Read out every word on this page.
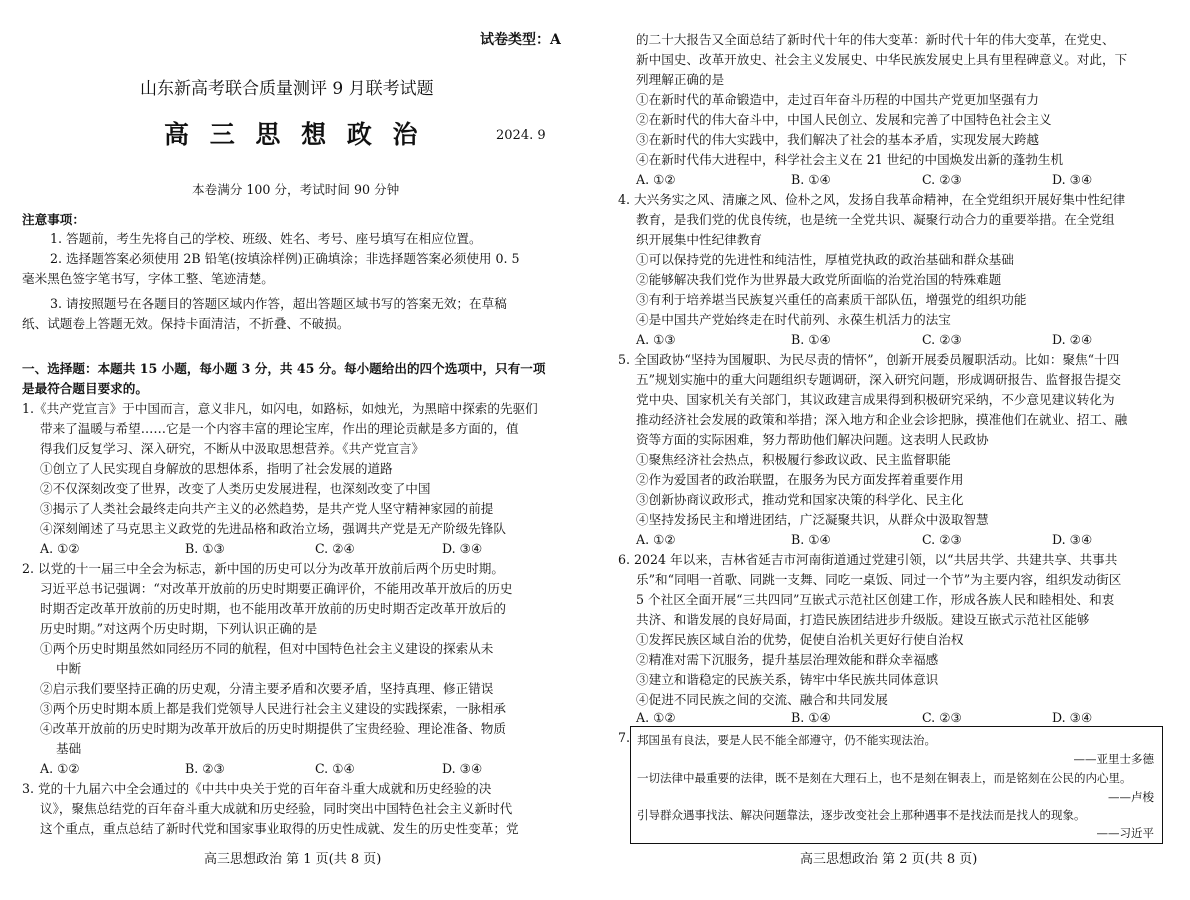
试卷类型：A
山东新高考联合质量测评 9 月联考试题
高 三 思 想 政 治	2024. 9
本卷满分 100 分，考试时间 90 分钟
注意事项：
1. 答题前，考生先将自己的学校、班级、姓名、考号、座号填写在相应位置。
2. 选择题答案必须使用 2B 铅笔(按填涂样例)正确填涂；非选择题答案必须使用 0. 5
毫米黑色签字笔书写，字体工整、笔迹清楚。
3. 请按照题号在各题目的答题区域内作答，超出答题区域书写的答案无效；在草稿
纸、试题卷上答题无效。保持卡面清洁，不折叠、不破损。
一、选择题：本题共 15 小题，每小题 3 分，共 45 分。每小题给出的四个选项中，只有一项
是最符合题目要求的。
1.《共产党宣言》于中国而言，意义非凡，如闪电，如路标，如烛光，为黑暗中探索的先驱们
带来了温暖与希望……它是一个内容丰富的理论宝库，作出的理论贡献是多方面的，值
得我们反复学习、深入研究，不断从中汲取思想营养。《共产党宣言》
①创立了人民实现自身解放的思想体系，指明了社会发展的道路
②不仅深刻改变了世界，改变了人类历史发展进程，也深刻改变了中国
③揭示了人类社会最终走向共产主义的必然趋势，是共产党人坚守精神家园的前提
④深刻阐述了马克思主义政党的先进品格和政治立场，强调共产党是无产阶级先锋队
A. ①②	B. ①③	C. ②④	D. ③④
2. 以党的十一届三中全会为标志，新中国的历史可以分为改革开放前后两个历史时期。
习近平总书记强调：“对改革开放前的历史时期要正确评价，不能用改革开放后的历史
时期否定改革开放前的历史时期，也不能用改革开放前的历史时期否定改革开放后的
历史时期。”对这两个历史时期，下列认识正确的是
①两个历史时期虽然如同经历不同的航程，但对中国特色社会主义建设的探索从未
中断
②启示我们要坚持正确的历史观，分清主要矛盾和次要矛盾，坚持真理、修正错误
③两个历史时期本质上都是我们党领导人民进行社会主义建设的实践探索，一脉相承
④改革开放前的历史时期为改革开放后的历史时期提供了宝贵经验、理论准备、物质
基础
A. ①②	B. ②③	C. ①④	D. ③④
3. 党的十九届六中全会通过的《中共中央关于党的百年奋斗重大成就和历史经验的决
议》，聚焦总结党的百年奋斗重大成就和历史经验，同时突出中国特色社会主义新时代
这个重点，重点总结了新时代党和国家事业取得的历史性成就、发生的历史性变革；党
高三思想政治 第 1 页(共 8 页)
的二十大报告又全面总结了新时代十年的伟大变革：新时代十年的伟大变革，在党史、
新中国史、改革开放史、社会主义发展史、中华民族发展史上具有里程碑意义。对此，下
列理解正确的是
①在新时代的革命锻造中，走过百年奋斗历程的中国共产党更加坚强有力
②在新时代的伟大奋斗中，中国人民创立、发展和完善了中国特色社会主义
③在新时代的伟大实践中，我们解决了社会的基本矛盾，实现发展大跨越
④在新时代伟大进程中，科学社会主义在 21 世纪的中国焕发出新的蓬勃生机
A. ①②	B. ①④	C. ②③	D. ③④
4. 大兴务实之风、清廉之风、俭朴之风，发扬自我革命精神，在全党组织开展好集中性纪律
教育，是我们党的优良传统，也是统一全党共识、凝聚行动合力的重要举措。在全党组
织开展集中性纪律教育
①可以保持党的先进性和纯洁性，厚植党执政的政治基础和群众基础
②能够解决我们党作为世界最大政党所面临的治党治国的特殊难题
③有利于培养堪当民族复兴重任的高素质干部队伍，增强党的组织功能
④是中国共产党始终走在时代前列、永葆生机活力的法宝
A. ①③	B. ①④	C. ②③	D. ②④
5. 全国政协“坚持为国履职、为民尽责的情怀”，创新开展委员履职活动。比如：聚焦“十四
五”规划实施中的重大问题组织专题调研，深入研究问题，形成调研报告、监督报告提交
党中央、国家机关有关部门，其议政建言成果得到积极研究采纳，不少意见建议转化为
推动经济社会发展的政策和举措；深入地方和企业会诊把脉，摸准他们在就业、招工、融
资等方面的实际困难，努力帮助他们解决问题。这表明人民政协
①聚焦经济社会热点，积极履行参政议政、民主监督职能
②作为爱国者的政治联盟，在服务为民方面发挥着重要作用
③创新协商议政形式，推动党和国家决策的科学化、民主化
④坚持发扬民主和增进团结，广泛凝聚共识，从群众中汲取智慧
A. ①②	B. ①④	C. ②③	D. ③④
6. 2024 年以来，吉林省延吉市河南街道通过党建引领，以“共居共学、共建共享、共事共
乐”和“同唱一首歌、同跳一支舞、同吃一桌饭、同过一个节”为主要内容，组织发动街区
5 个社区全面开展“三共四同”互嵌式示范社区创建工作，形成各族人民和睦相处、和衷
共济、和谐发展的良好局面，打造民族团结进步升级版。建设互嵌式示范社区能够
①发挥民族区域自治的优势，促使自治机关更好行使自治权
②精准对需下沉服务，提升基层治理效能和群众幸福感
③建立和谐稳定的民族关系，铸牢中华民族共同体意识
④促进不同民族之间的交流、融合和共同发展
A. ①②	B. ①④	C. ②③	D. ③④
7. 邦国虽有良法，要是人民不能全部遵守，仍不能实现法治。
——亚里士多德
一切法律中最重要的法律，既不是刻在大理石上，也不是刻在铜表上，而是铭刻在公民的内心里。
——卢梭
引导群众遇事找法、解决问题靠法，逐步改变社会上那种遇事不是找法而是找人的现象。
——习近平
高三思想政治 第 2 页(共 8 页)
